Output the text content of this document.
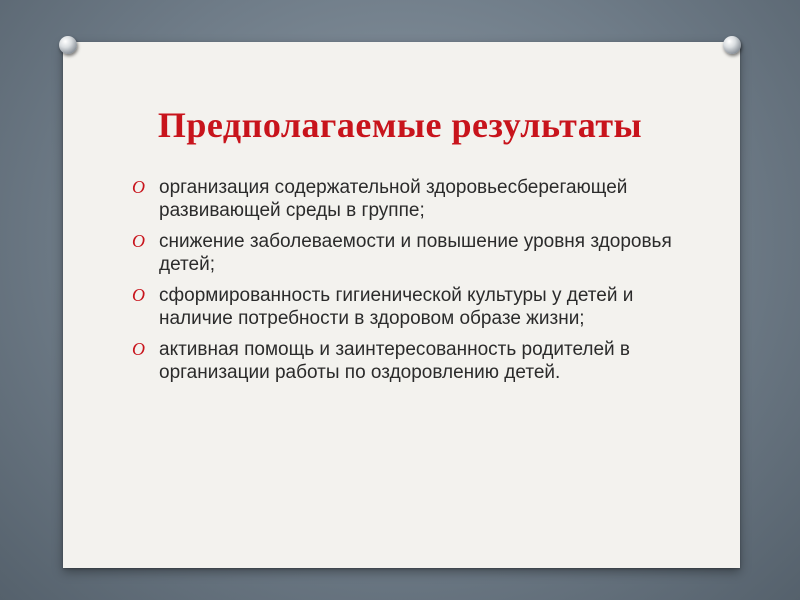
Предполагаемые результаты
O организация содержательной здоровьесберегающей развивающей среды в группе;
O снижение заболеваемости и повышение уровня здоровья детей;
O сформированность гигиенической культуры у детей и наличие потребности в здоровом образе жизни;
O активная помощь и заинтересованность родителей в организации работы по оздоровлению детей.
